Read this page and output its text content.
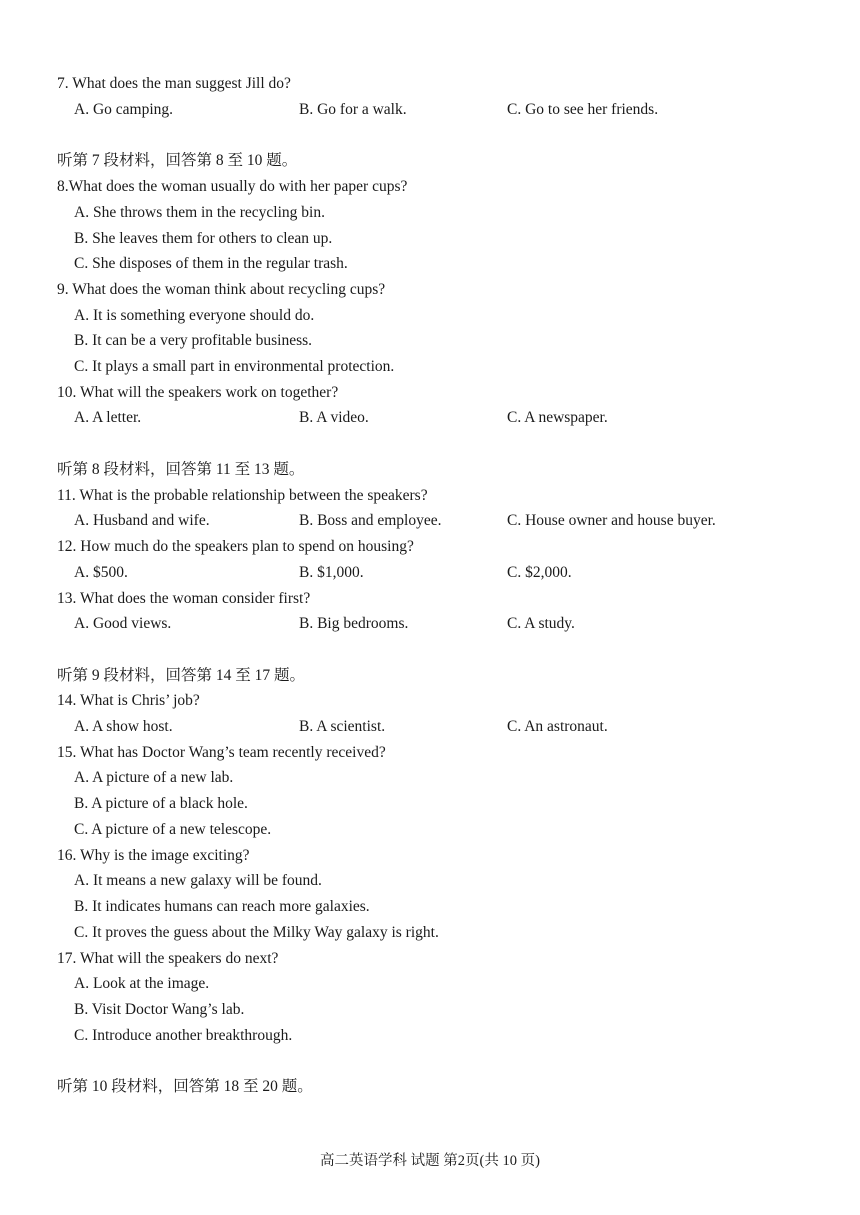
7. What does the man suggest Jill do?
A. Go camping.	B. Go for a walk.	C. Go to see her friends.
听第 7 段材料，回答第 8 至 10 题。
8.What does the woman usually do with her paper cups?
A. She throws them in the recycling bin.
B. She leaves them for others to clean up.
C. She disposes of them in the regular trash.
9. What does the woman think about recycling cups?
A. It is something everyone should do.
B. It can be a very profitable business.
C. It plays a small part in environmental protection.
10. What will the speakers work on together?
A. A letter.	B. A video.	C. A newspaper.
听第 8 段材料，回答第 11 至 13 题。
11. What is the probable relationship between the speakers?
A. Husband and wife.	B. Boss and employee.	C. House owner and house buyer.
12. How much do the speakers plan to spend on housing?
A. $500.	B. $1,000.	C. $2,000.
13. What does the woman consider first?
A. Good views.	B. Big bedrooms.	C. A study.
听第 9 段材料，回答第 14 至 17 题。
14. What is Chris’ job?
A. A show host.	B. A scientist.	C. An astronaut.
15. What has Doctor Wang’s team recently received?
A. A picture of a new lab.
B. A picture of a black hole.
C. A picture of a new telescope.
16. Why is the image exciting?
A. It means a new galaxy will be found.
B. It indicates humans can reach more galaxies.
C. It proves the guess about the Milky Way galaxy is right.
17. What will the speakers do next?
A. Look at the image.
B. Visit Doctor Wang’s lab.
C. Introduce another breakthrough.
听第 10 段材料，回答第 18 至 20 题。
高二英语学科 试题 第2页(共 10 页)
